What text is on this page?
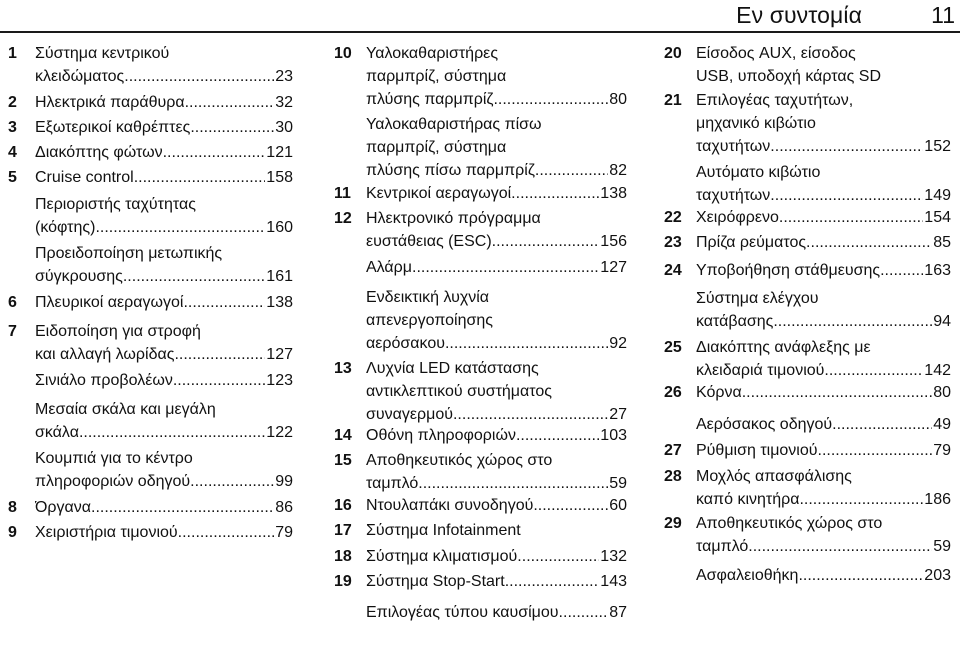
Εν συντομία	11
1	Σύστημα κεντρικού
κλειδώματος .....	23
2	Ηλεκτρικά παράθυρα .....	32
3	Εξωτερικοί καθρέπτες .....	30
4	Διακόπτης φώτων .....	121
5	Cruise control .....	158
Περιοριστής ταχύτητας
(κόφτης) .....	160
Προειδοποίηση μετωπικής
σύγκρουσης .....	161
6	Πλευρικοί αεραγωγοί .....	138
7	Ειδοποίηση για στροφή
και αλλαγή λωρίδας .....	127
Σινιάλο προβολέων .....	123
Μεσαία σκάλα και μεγάλη
σκάλα .....	122
Κουμπιά για το κέντρο
πληροφοριών οδηγού .....	99
8	Όργανα .....	86
9	Χειριστήρια τιμονιού .....	79
10 Υαλοκαθαριστήρες
παρμπρίζ, σύστημα
πλύσης παρμπρίζ .....	80
Υαλοκαθαριστήρας πίσω
παρμπρίζ, σύστημα
πλύσης πίσω παρμπρίζ .....	82
11 Κεντρικοί αεραγωγοί .....	138
12 Ηλεκτρονικό πρόγραμμα
ευστάθειας (ESC) .....	156
Αλάρμ .....	127
Ενδεικτική λυχνία
απενεργοποίησης
αερόσακου .....	92
13 Λυχνία LED κατάστασης
αντικλεπτικού συστήματος
συναγερμού .....	27
14 Οθόνη πληροφοριών .....	103
15 Αποθηκευτικός χώρος στο
ταμπλό .....	59
16 Ντουλαπάκι συνοδηγού .....	60
17 Σύστημα Infotainment
18 Σύστημα κλιματισμού .....	132
19 Σύστημα Stop-Start .....	143
Επιλογέας τύπου καυσίμου .....	87
20 Είσοδος AUX, είσοδος
USB, υποδοχή κάρτας SD
21 Επιλογέας ταχυτήτων,
μηχανικό κιβώτιο
ταχυτήτων .....	152
Αυτόματο κιβώτιο
ταχυτήτων .....	149
22 Χειρόφρενο .....	154
23 Πρίζα ρεύματος .....	85
24 Υποβοήθηση στάθμευσης .....	163
Σύστημα ελέγχου
κατάβασης .....	94
25 Διακόπτης ανάφλεξης με
κλειδαριά τιμονιού .....	142
26 Κόρνα .....	80
Αερόσακος οδηγού .....	49
27 Ρύθμιση τιμονιού .....	79
28 Μοχλός απασφάλισης
καπό κινητήρα .....	186
29 Αποθηκευτικός χώρος στο
ταμπλό .....	59
Ασφαλειοθήκη .....	203
